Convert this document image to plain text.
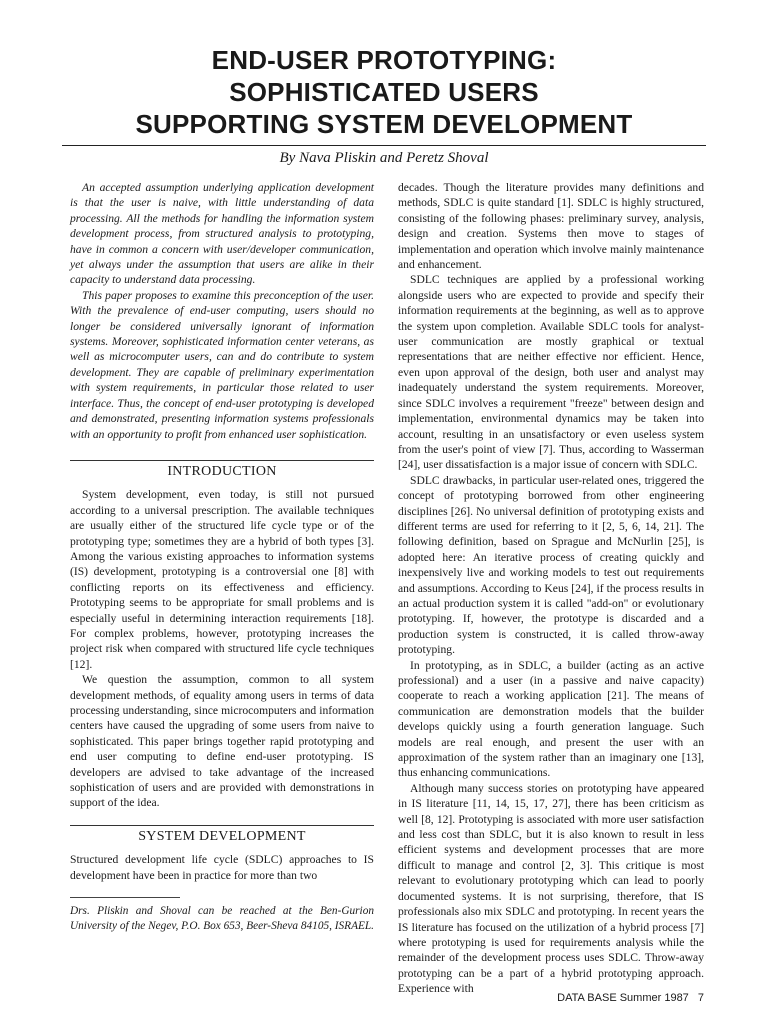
END-USER PROTOTYPING:
SOPHISTICATED USERS
SUPPORTING SYSTEM DEVELOPMENT
By Nava Pliskin and Peretz Shoval

An accepted assumption underlying application development is that the user is naive, with little understanding of data processing. All the methods for handling the information system development process, from structured analysis to prototyping, have in common a concern with user/developer communication, yet always under the assumption that users are alike in their capacity to understand data processing.

This paper proposes to examine this preconception of the user. With the prevalence of end-user computing, users should no longer be considered universally ignorant of information systems. Moreover, sophisticated information center veterans, as well as microcomputer users, can and do contribute to system development. They are capable of preliminary experimentation with system requirements, in particular those related to user interface. Thus, the concept of end-user prototyping is developed and demonstrated, presenting information systems professionals with an opportunity to profit from enhanced user sophistication.

INTRODUCTION

System development, even today, is still not pursued according to a universal prescription. The available techniques are usually either of the structured life cycle type or of the prototyping type; sometimes they are a hybrid of both types [3]. Among the various existing approaches to information systems (IS) development, prototyping is a controversial one [8] with conflicting reports on its effectiveness and efficiency. Prototyping seems to be appropriate for small problems and is especially useful in determining interaction requirements [18]. For complex problems, however, prototyping increases the project risk when compared with structured life cycle techniques [12].

We question the assumption, common to all system development methods, of equality among users in terms of data processing understanding, since microcomputers and information centers have caused the upgrading of some users from naive to sophisticated. This paper brings together rapid prototyping and end user computing to define end-user prototyping. IS developers are advised to take advantage of the increased sophistication of users and are provided with demonstrations in support of the idea.

SYSTEM DEVELOPMENT

Structured development life cycle (SDLC) approaches to IS development have been in practice for more than two

Drs. Pliskin and Shoval can be reached at the Ben-Gurion University of the Negev, P.O. Box 653, Beer-Sheva 84105, ISRAEL.

decades. Though the literature provides many definitions and methods, SDLC is quite standard [1]. SDLC is highly structured, consisting of the following phases: preliminary survey, analysis, design and creation. Systems then move to stages of implementation and operation which involve mainly maintenance and enhancement.

SDLC techniques are applied by a professional working alongside users who are expected to provide and specify their information requirements at the beginning, as well as to approve the system upon completion. Available SDLC tools for analyst-user communication are mostly graphical or textual representations that are neither effective nor efficient. Hence, even upon approval of the design, both user and analyst may inadequately understand the system requirements. Moreover, since SDLC involves a requirement "freeze" between design and implementation, environmental dynamics may be taken into account, resulting in an unsatisfactory or even useless system from the user's point of view [7]. Thus, according to Wasserman [24], user dissatisfaction is a major issue of concern with SDLC.

SDLC drawbacks, in particular user-related ones, triggered the concept of prototyping borrowed from other engineering disciplines [26]. No universal definition of prototyping exists and different terms are used for referring to it [2, 5, 6, 14, 21]. The following definition, based on Sprague and McNurlin [25], is adopted here: An iterative process of creating quickly and inexpensively live and working models to test out requirements and assumptions. According to Keus [24], if the process results in an actual production system it is called "add-on" or evolutionary prototyping. If, however, the prototype is discarded and a production system is constructed, it is called throw-away prototyping.

In prototyping, as in SDLC, a builder (acting as an active professional) and a user (in a passive and naive capacity) cooperate to reach a working application [21]. The means of communication are demonstration models that the builder develops quickly using a fourth generation language. Such models are real enough, and present the user with an approximation of the system rather than an imaginary one [13], thus enhancing communications.

Although many success stories on prototyping have appeared in IS literature [11, 14, 15, 17, 27], there has been criticism as well [8, 12]. Prototyping is associated with more user satisfaction and less cost than SDLC, but it is also known to result in less efficient systems and development processes that are more difficult to manage and control [2, 3]. This critique is most relevant to evolutionary prototyping which can lead to poorly documented systems. It is not surprising, therefore, that IS professionals also mix SDLC and prototyping. In recent years the IS literature has focused on the utilization of a hybrid process [7] where prototyping is used for requirements analysis while the remainder of the development process uses SDLC. Throw-away prototyping can be a part of a hybrid prototyping approach. Experience with

DATA BASE Summer 1987 7
